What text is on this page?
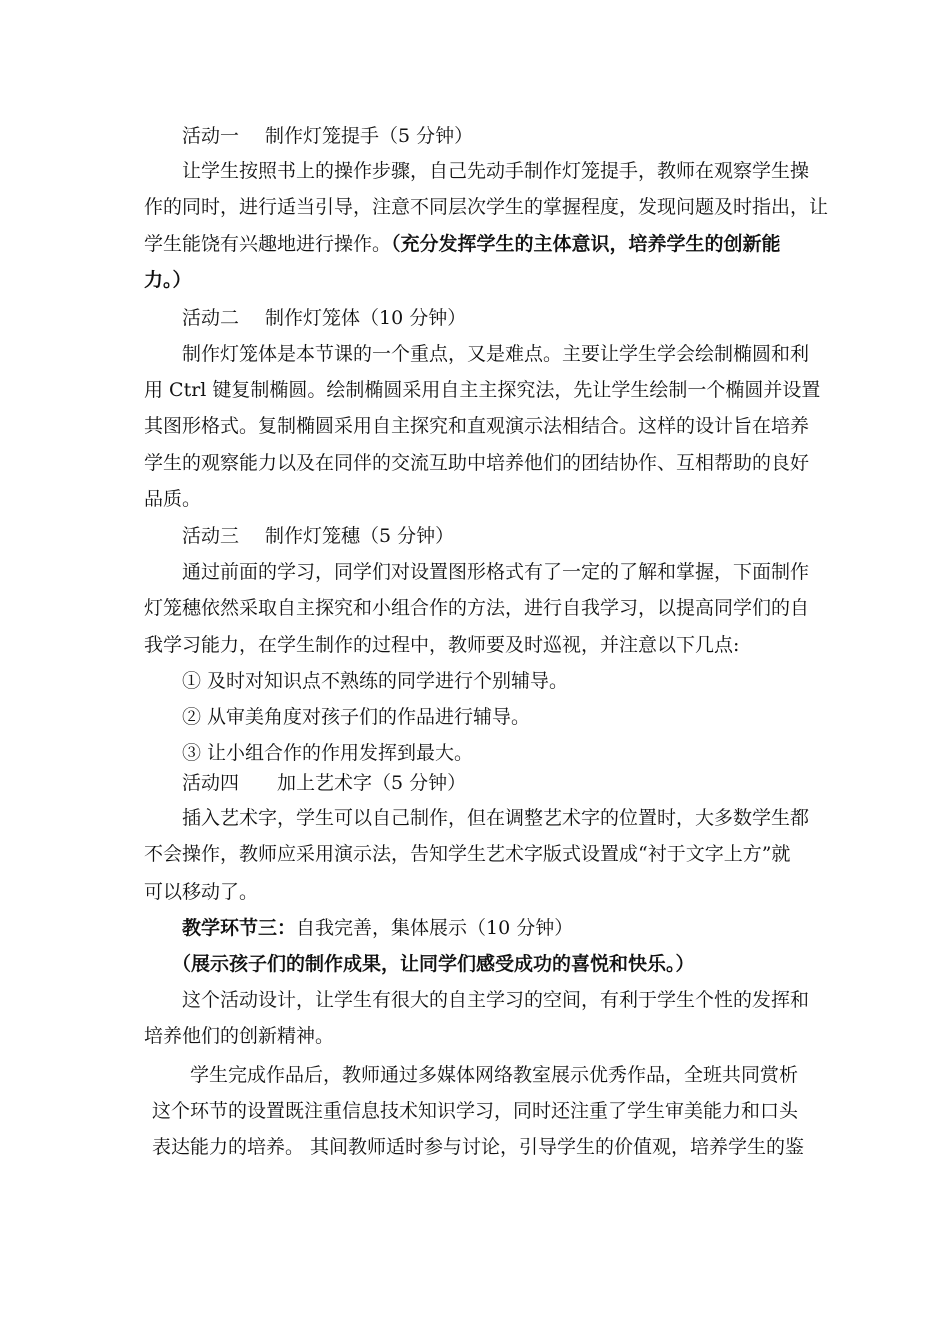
活动一 制作灯笼提手（5 分钟）

让学生按照书上的操作步骤，自己先动手制作灯笼提手，教师在观察学生操

作的同时，进行适当引导，注意不同层次学生的掌握程度，发现问题及时指出，让

学生能饶有兴趣地进行操作。（充分发挥学生的主体意识，培养学生的创新能

力。）

活动二 制作灯笼体（10 分钟）

制作灯笼体是本节课的一个重点，又是难点。主要让学生学会绘制椭圆和利

用 Ctrl 键复制椭圆。绘制椭圆采用自主主探究法，先让学生绘制一个椭圆并设置

其图形格式。复制椭圆采用自主探究和直观演示法相结合。这样的设计旨在培养

学生的观察能力以及在同伴的交流互助中培养他们的团结协作、互相帮助的良好

品质。

活动三 制作灯笼穗（5 分钟）

通过前面的学习，同学们对设置图形格式有了一定的了解和掌握，下面制作

灯笼穗依然采取自主探究和小组合作的方法，进行自我学习，以提高同学们的自

我学习能力，在学生制作的过程中，教师要及时巡视，并注意以下几点:

① 及时对知识点不熟练的同学进行个别辅导。

② 从审美角度对孩子们的作品进行辅导。

③ 让小组合作的作用发挥到最大。

活动四 加上艺术字（5 分钟）

插入艺术字，学生可以自己制作，但在调整艺术字的位置时，大多数学生都

不会操作，教师应采用演示法，告知学生艺术字版式设置成“衬于文字上方”就

可以移动了。

教学环节三：自我完善，集体展示（10 分钟）

（展示孩子们的制作成果，让同学们感受成功的喜悦和快乐。）

这个活动设计，让学生有很大的自主学习的空间，有利于学生个性的发挥和

培养他们的创新精神。

学生完成作品后，教师通过多媒体网络教室展示优秀作品，全班共同赏析

这个环节的设置既注重信息技术知识学习，同时还注重了学生审美能力和口头

表达能力的培养。 其间教师适时参与讨论，引导学生的价值观，培养学生的鉴
